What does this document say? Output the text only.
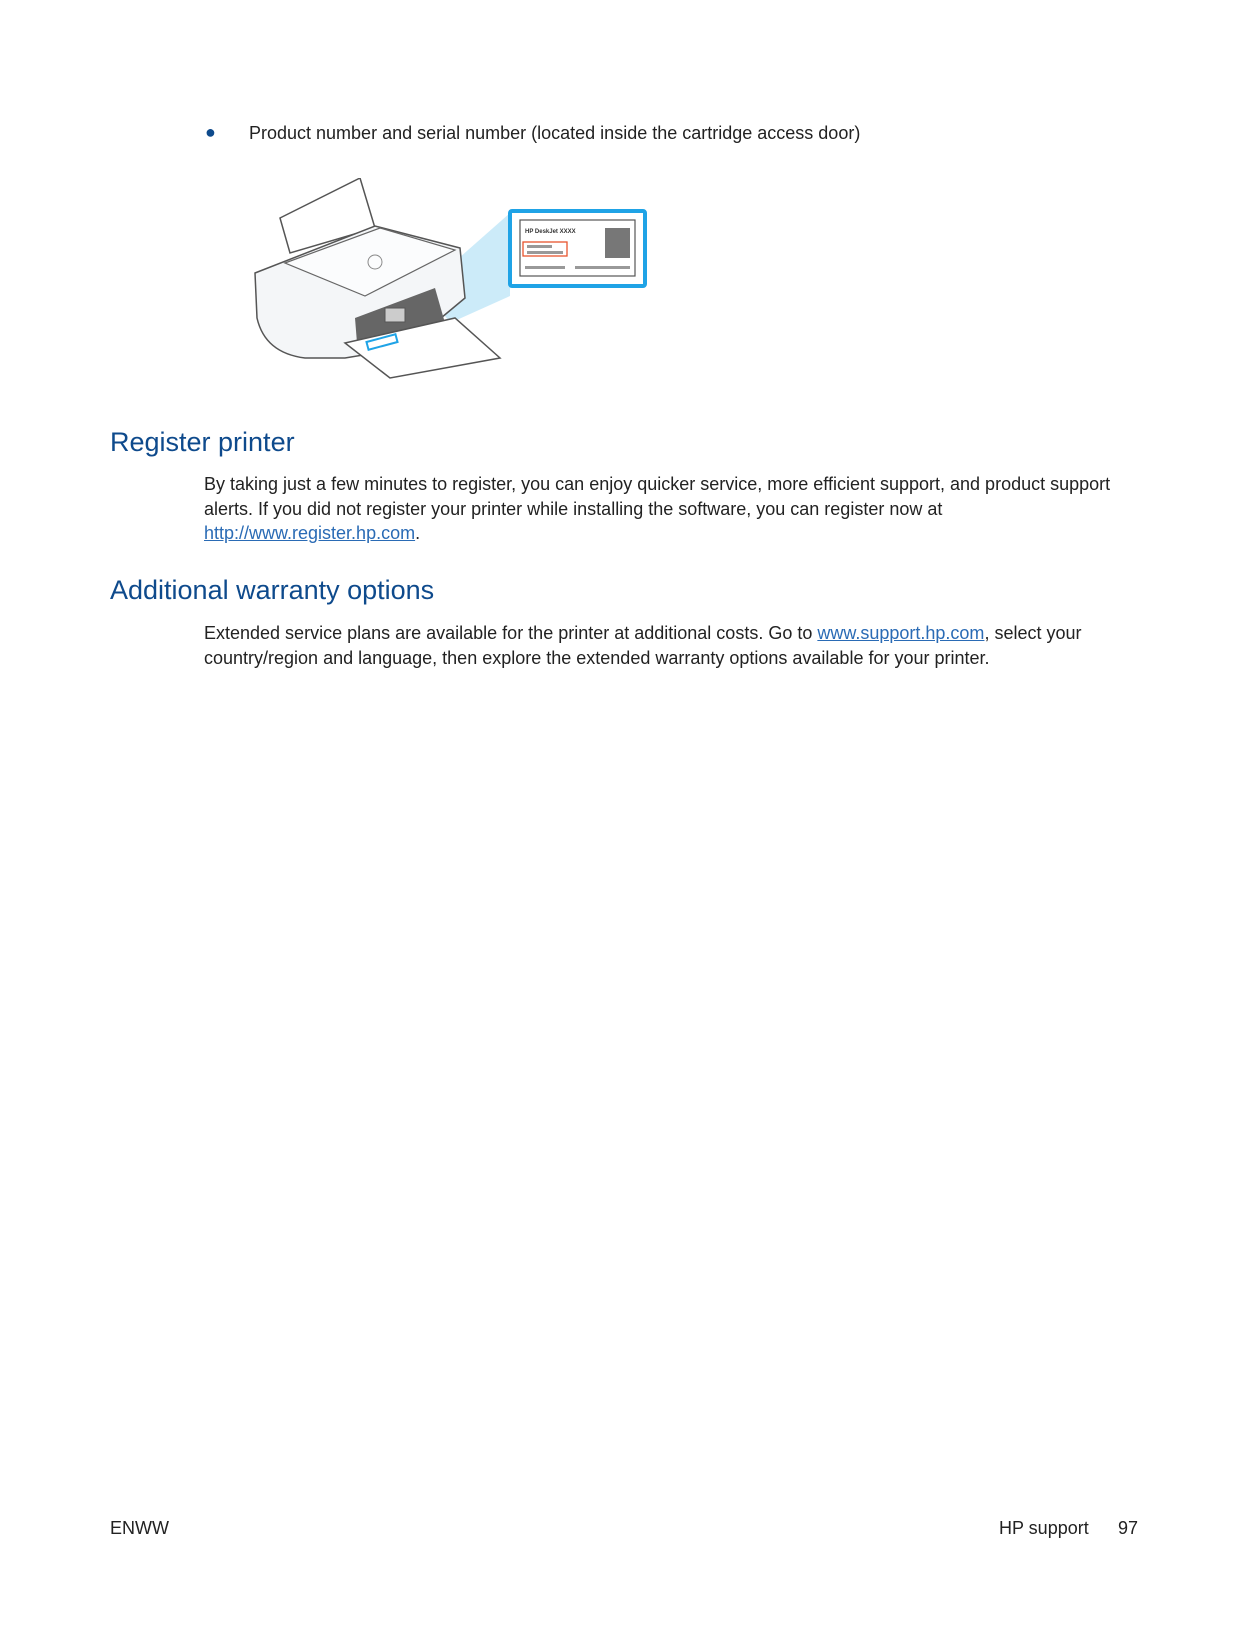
● Product number and serial number (located inside the cartridge access door)
HP DeskJet XXXX
Register printer

By taking just a few minutes to register, you can enjoy quicker service, more efficient support, and product support alerts. If you did not register your printer while installing the software, you can register now at http://www.register.hp.com.

Additional warranty options

Extended service plans are available for the printer at additional costs. Go to www.support.hp.com, select your country/region and language, then explore the extended warranty options available for your printer.

ENWW	HP support 97
